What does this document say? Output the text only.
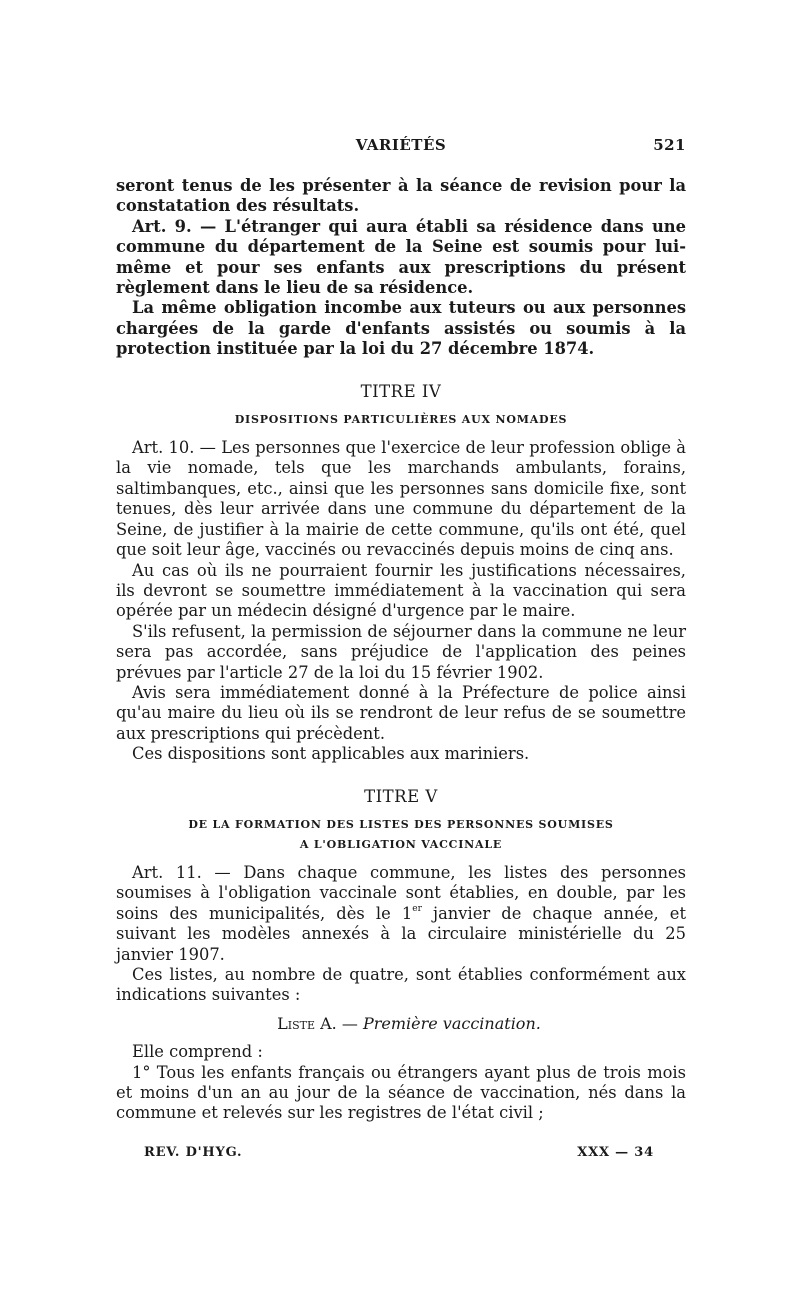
VARIÉTÉS	521

seront tenus de les présenter à la séance de revision pour la constatation des résultats.

Art. 9. — L'étranger qui aura établi sa résidence dans une commune du département de la Seine est soumis pour lui-même et pour ses enfants aux prescriptions du présent règlement dans le lieu de sa résidence.

La même obligation incombe aux tuteurs ou aux personnes chargées de la garde d'enfants assistés ou soumis à la protection instituée par la loi du 27 décembre 1874.

TITRE IV
DISPOSITIONS PARTICULIÈRES AUX NOMADES

Art. 10. — Les personnes que l'exercice de leur profession oblige à la vie nomade, tels que les marchands ambulants, forains, saltimbanques, etc., ainsi que les personnes sans domicile fixe, sont tenues, dès leur arrivée dans une commune du département de la Seine, de justifier à la mairie de cette commune, qu'ils ont été, quel que soit leur âge, vaccinés ou revaccinés depuis moins de cinq ans.

Au cas où ils ne pourraient fournir les justifications nécessaires, ils devront se soumettre immédiatement à la vaccination qui sera opérée par un médecin désigné d'urgence par le maire.

S'ils refusent, la permission de séjourner dans la commune ne leur sera pas accordée, sans préjudice de l'application des peines prévues par l'article 27 de la loi du 15 février 1902.

Avis sera immédiatement donné à la Préfecture de police ainsi qu'au maire du lieu où ils se rendront de leur refus de se soumettre aux prescriptions qui précèdent.

Ces dispositions sont applicables aux mariniers.

TITRE V
DE LA FORMATION DES LISTES DES PERSONNES SOUMISES
A L'OBLIGATION VACCINALE

Art. 11. — Dans chaque commune, les listes des personnes soumises à l'obligation vaccinale sont établies, en double, par les soins des municipalités, dès le 1er janvier de chaque année, et suivant les modèles annexés à la circulaire ministérielle du 25 janvier 1907.

Ces listes, au nombre de quatre, sont établies conformément aux indications suivantes :

Liste A. — Première vaccination.

Elle comprend :

1° Tous les enfants français ou étrangers ayant plus de trois mois et moins d'un an au jour de la séance de vaccination, nés dans la commune et relevés sur les registres de l'état civil ;

REV. D'HYG.	XXX — 34
